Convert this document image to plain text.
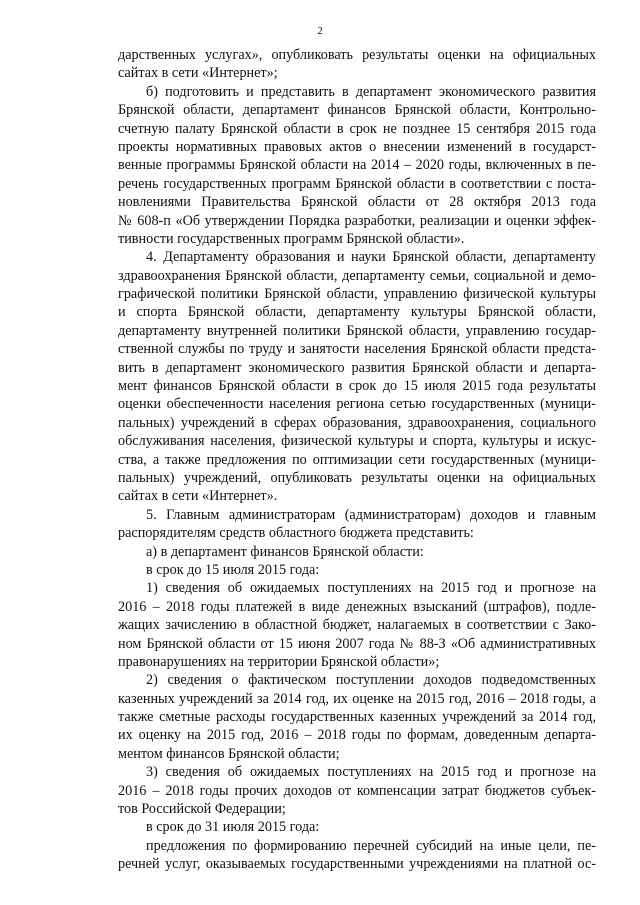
2
дарственных услугах», опубликовать результаты оценки на официальных
сайтах в сети «Интернет»;
б) подготовить и представить в департамент экономического развития
Брянской области, департамент финансов Брянской области, Контрольно-
счетную палату Брянской области в срок не позднее 15 сентября 2015 года
проекты нормативных правовых актов о внесении изменений в государст-
венные программы Брянской области на 2014 – 2020 годы, включенных в пе-
речень государственных программ Брянской области в соответствии с поста-
новлениями Правительства Брянской области от 28 октября 2013 года
№ 608-п «Об утверждении Порядка разработки, реализации и оценки эффек-
тивности государственных программ Брянской области».
4. Департаменту образования и науки Брянской области, департаменту
здравоохранения Брянской области, департаменту семьи, социальной и демо-
графической политики Брянской области, управлению физической культуры
и спорта Брянской области, департаменту культуры Брянской области,
департаменту внутренней политики Брянской области, управлению государ-
ственной службы по труду и занятости населения Брянской области предста-
вить в департамент экономического развития Брянской области и департа-
мент финансов Брянской области в срок до 15 июля 2015 года результаты
оценки обеспеченности населения региона сетью государственных (муници-
пальных) учреждений в сферах образования, здравоохранения, социального
обслуживания населения, физической культуры и спорта, культуры и искус-
ства, а также предложения по оптимизации сети государственных (муници-
пальных) учреждений, опубликовать результаты оценки на официальных
сайтах в сети «Интернет».
5. Главным администраторам (администраторам) доходов и главным
распорядителям средств областного бюджета представить:
а) в департамент финансов Брянской области:
в срок до 15 июля 2015 года:
1) сведения об ожидаемых поступлениях на 2015 год и прогнозе на
2016 – 2018 годы платежей в виде денежных взысканий (штрафов), подле-
жащих зачислению в областной бюджет, налагаемых в соответствии с Зако-
ном Брянской области от 15 июня 2007 года № 88-З «Об административных
правонарушениях на территории Брянской области»;
2) сведения о фактическом поступлении доходов подведомственных
казенных учреждений за 2014 год, их оценке на 2015 год, 2016 – 2018 годы, а
также сметные расходы государственных казенных учреждений за 2014 год,
их оценку на 2015 год, 2016 – 2018 годы по формам, доведенным департа-
ментом финансов Брянской области;
3) сведения об ожидаемых поступлениях на 2015 год и прогнозе на
2016 – 2018 годы прочих доходов от компенсации затрат бюджетов субъек-
тов Российской Федерации;
в срок до 31 июля 2015 года:
предложения по формированию перечней субсидий на иные цели, пе-
речней услуг, оказываемых государственными учреждениями на платной ос-
